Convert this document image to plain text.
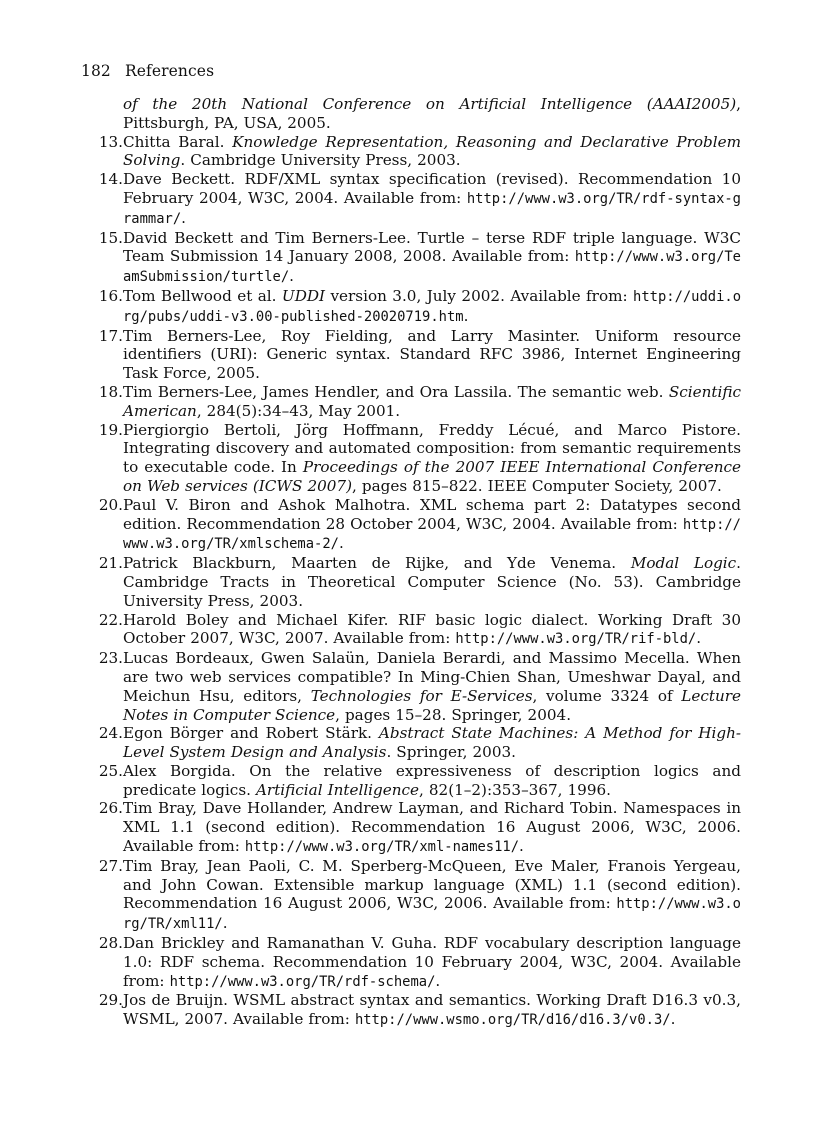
182 References
of the 20th National Conference on Artificial Intelligence (AAAI2005), Pittsburgh, PA, USA, 2005.
13. Chitta Baral. Knowledge Representation, Reasoning and Declarative Problem Solving. Cambridge University Press, 2003.
14. Dave Beckett. RDF/XML syntax specification (revised). Recommendation 10 February 2004, W3C, 2004. Available from: http://www.w3.org/TR/rdf-syntax-grammar/.
15. David Beckett and Tim Berners-Lee. Turtle – terse RDF triple language. W3C Team Submission 14 January 2008, 2008. Available from: http://www.w3.org/TeamSubmission/turtle/.
16. Tom Bellwood et al. UDDI version 3.0, July 2002. Available from: http://uddi.org/pubs/uddi-v3.00-published-20020719.htm.
17. Tim Berners-Lee, Roy Fielding, and Larry Masinter. Uniform resource identifiers (URI): Generic syntax. Standard RFC 3986, Internet Engineering Task Force, 2005.
18. Tim Berners-Lee, James Hendler, and Ora Lassila. The semantic web. Scientific American, 284(5):34–43, May 2001.
19. Piergiorgio Bertoli, Jörg Hoffmann, Freddy Lécué, and Marco Pistore. Integrating discovery and automated composition: from semantic requirements to executable code. In Proceedings of the 2007 IEEE International Conference on Web services (ICWS 2007), pages 815–822. IEEE Computer Society, 2007.
20. Paul V. Biron and Ashok Malhotra. XML schema part 2: Datatypes second edition. Recommendation 28 October 2004, W3C, 2004. Available from: http://www.w3.org/TR/xmlschema-2/.
21. Patrick Blackburn, Maarten de Rijke, and Yde Venema. Modal Logic. Cambridge Tracts in Theoretical Computer Science (No. 53). Cambridge University Press, 2003.
22. Harold Boley and Michael Kifer. RIF basic logic dialect. Working Draft 30 October 2007, W3C, 2007. Available from: http://www.w3.org/TR/rif-bld/.
23. Lucas Bordeaux, Gwen Salaün, Daniela Berardi, and Massimo Mecella. When are two web services compatible? In Ming-Chien Shan, Umeshwar Dayal, and Meichun Hsu, editors, Technologies for E-Services, volume 3324 of Lecture Notes in Computer Science, pages 15–28. Springer, 2004.
24. Egon Börger and Robert Stärk. Abstract State Machines: A Method for High-Level System Design and Analysis. Springer, 2003.
25. Alex Borgida. On the relative expressiveness of description logics and predicate logics. Artificial Intelligence, 82(1–2):353–367, 1996.
26. Tim Bray, Dave Hollander, Andrew Layman, and Richard Tobin. Namespaces in XML 1.1 (second edition). Recommendation 16 August 2006, W3C, 2006. Available from: http://www.w3.org/TR/xml-names11/.
27. Tim Bray, Jean Paoli, C. M. Sperberg-McQueen, Eve Maler, Franois Yergeau, and John Cowan. Extensible markup language (XML) 1.1 (second edition). Recommendation 16 August 2006, W3C, 2006. Available from: http://www.w3.org/TR/xml11/.
28. Dan Brickley and Ramanathan V. Guha. RDF vocabulary description language 1.0: RDF schema. Recommendation 10 February 2004, W3C, 2004. Available from: http://www.w3.org/TR/rdf-schema/.
29. Jos de Bruijn. WSML abstract syntax and semantics. Working Draft D16.3 v0.3, WSML, 2007. Available from: http://www.wsmo.org/TR/d16/d16.3/v0.3/.
